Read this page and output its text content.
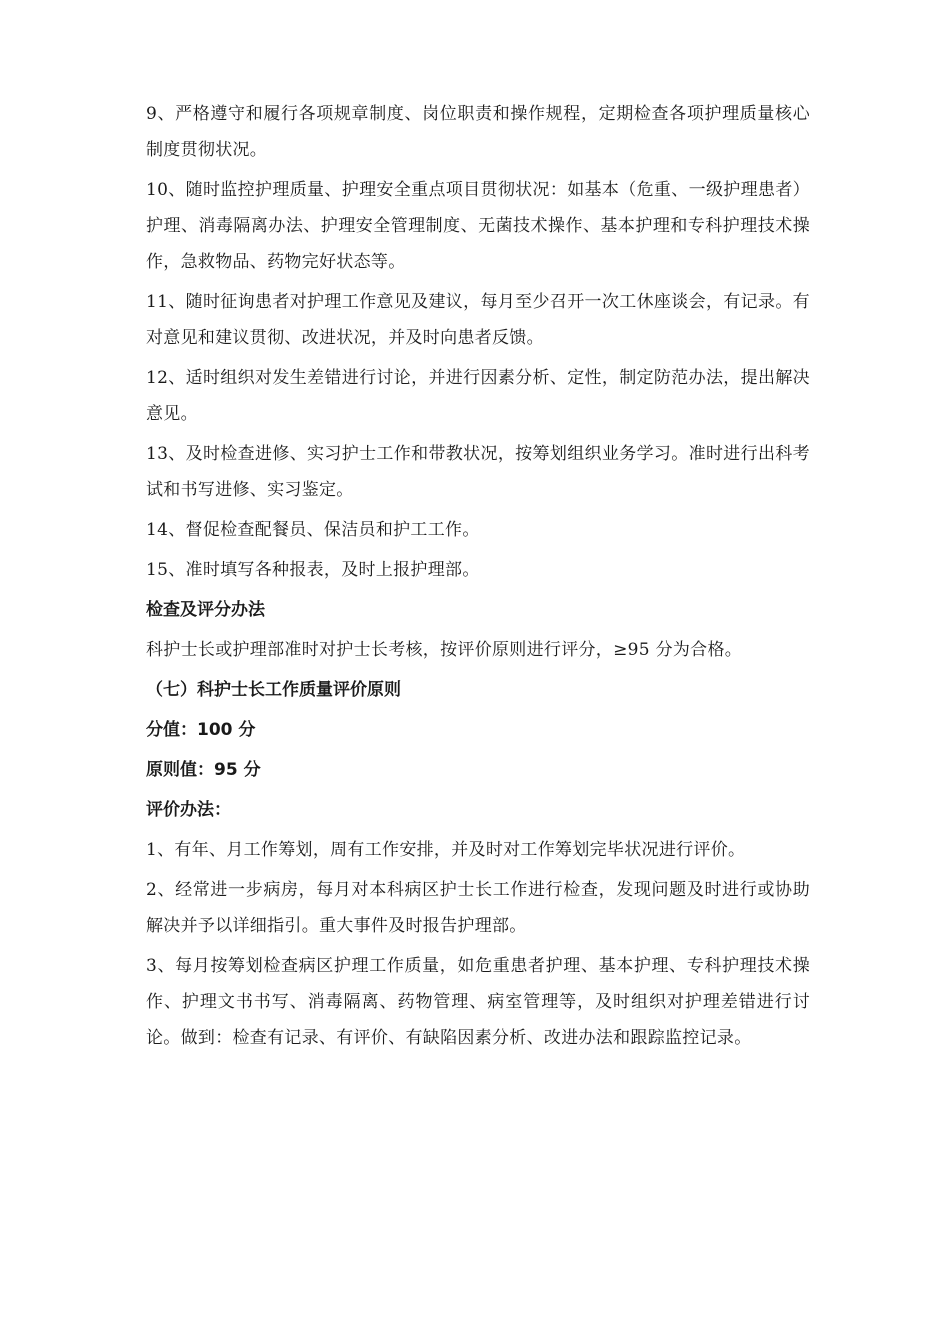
9、严格遵守和履行各项规章制度、岗位职责和操作规程，定期检查各项护理质量核心制度贯彻状况。

10、随时监控护理质量、护理安全重点项目贯彻状况：如基本（危重、一级护理患者）护理、消毒隔离办法、护理安全管理制度、无菌技术操作、基本护理和专科护理技术操作，急救物品、药物完好状态等。

11、随时征询患者对护理工作意见及建议，每月至少召开一次工休座谈会，有记录。有对意见和建议贯彻、改进状况，并及时向患者反馈。

12、适时组织对发生差错进行讨论，并进行因素分析、定性，制定防范办法，提出解决意见。

13、及时检查进修、实习护士工作和带教状况，按筹划组织业务学习。准时进行出科考试和书写进修、实习鉴定。

14、督促检查配餐员、保洁员和护工工作。

15、准时填写各种报表，及时上报护理部。

检查及评分办法

科护士长或护理部准时对护士长考核，按评价原则进行评分，≥95 分为合格。

（七）科护士长工作质量评价原则

分值：100 分

原则值：95 分

评价办法：

1、有年、月工作筹划，周有工作安排，并及时对工作筹划完毕状况进行评价。

2、经常进一步病房，每月对本科病区护士长工作进行检查，发现问题及时进行或协助解决并予以详细指引。重大事件及时报告护理部。

3、每月按筹划检查病区护理工作质量，如危重患者护理、基本护理、专科护理技术操作、护理文书书写、消毒隔离、药物管理、病室管理等，及时组织对护理差错进行讨论。做到：检查有记录、有评价、有缺陷因素分析、改进办法和跟踪监控记录。
